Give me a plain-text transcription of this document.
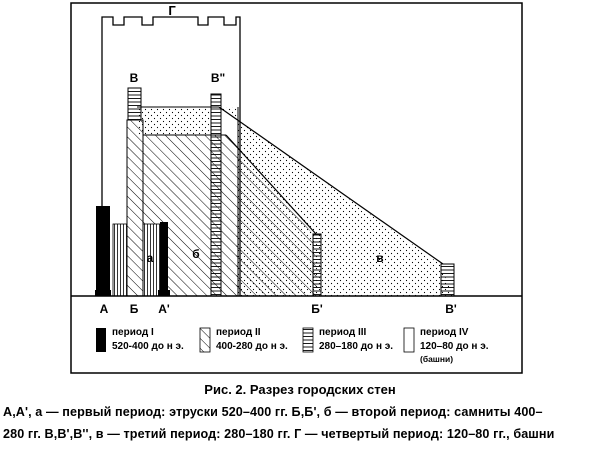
Г
В	В"
а	б	в
А Б А'	Б'	В'
период I
520-400 до н э.
период II
400-280 до н э.
период III
280–180 до н э.
период IV
120–80 до н э.
(башни)
Рис. 2. Разрез городских стен
А,А', а — первый период: этруски 520–400 гг. Б,Б', б — второй период: самниты 400–
280 гг. В,В',В'', в — третий период: 280–180 гг. Г — четвертый период: 120–80 гг., башни
